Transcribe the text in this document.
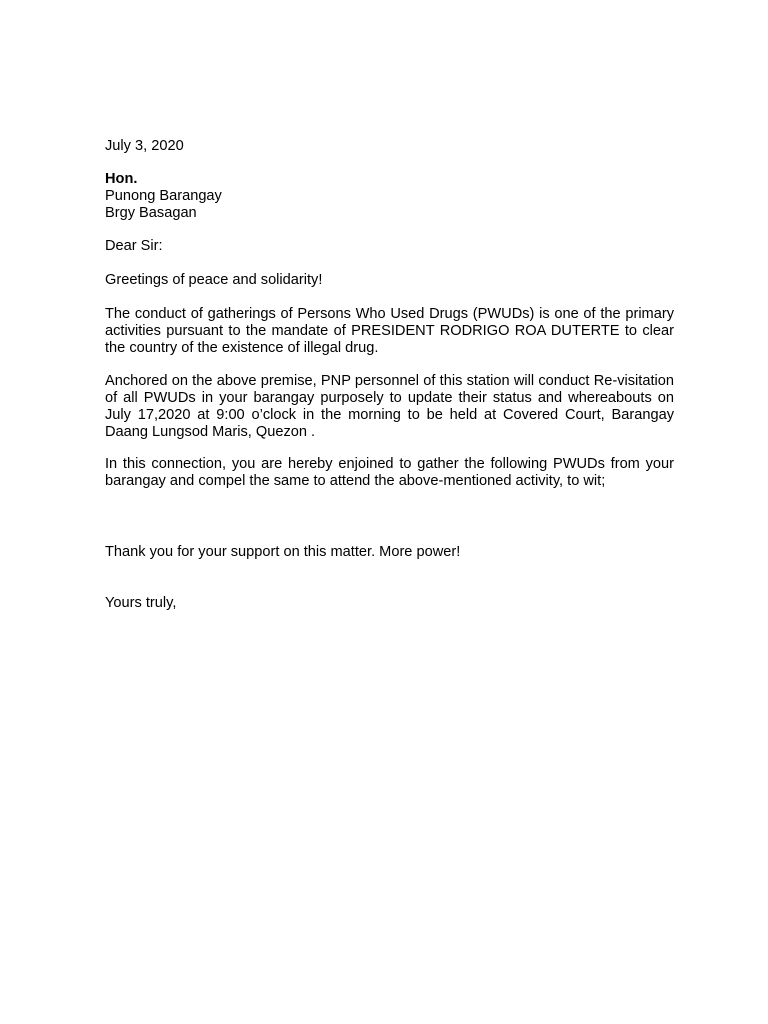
July 3, 2020

Hon.

Punong Barangay

Brgy Basagan

Dear Sir:

Greetings of peace and solidarity!

The conduct of gatherings of Persons Who Used Drugs (PWUDs) is one of the primary activities pursuant to the mandate of PRESIDENT RODRIGO ROA DUTERTE to clear the country of the existence of illegal drug.

Anchored on the above premise, PNP personnel of this station will conduct Re-visitation of all PWUDs in your barangay purposely to update their status and whereabouts on July 17,2020 at 9:00 o’clock in the morning to be held at Covered Court, Barangay Daang Lungsod Maris, Quezon .

In this connection, you are hereby enjoined to gather the following PWUDs from your barangay and compel the same to attend the above-mentioned activity, to wit;

Thank you for your support on this matter. More power!

Yours truly,
